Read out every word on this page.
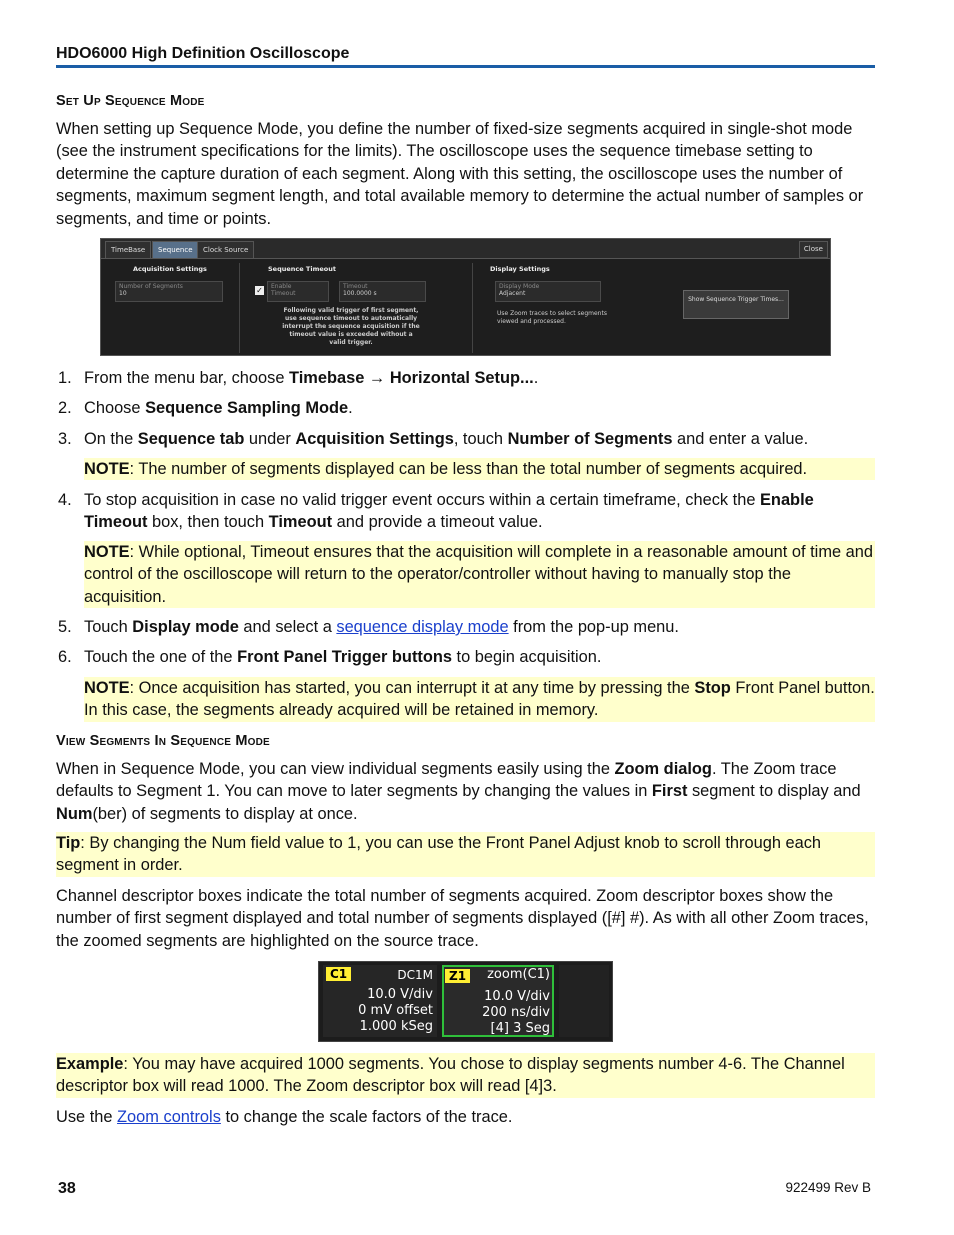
HDO6000 High Definition Oscilloscope
Set Up Sequence Mode
When setting up Sequence Mode, you define the number of fixed-size segments acquired in single-shot mode (see the instrument specifications for the limits). The oscilloscope uses the sequence timebase setting to determine the capture duration of each segment. Along with this setting, the oscilloscope uses the number of segments, maximum segment length, and total available memory to determine the actual number of samples or segments, and time or points.
TimeBase	Sequence	Clock Source	Close
Acquisition Settings
Number of Segments
10
Sequence Timeout
✓ Enable
Timeout
Timeout
100.0000 s
Following valid trigger of first segment, use sequence timeout to automatically interrupt the sequence acquisition if the timeout value is exceeded without a valid trigger.
Display Settings
Display Mode
Adjacent
Use Zoom traces to select segments viewed and processed.
Show Sequence Trigger Times...
1. From the menu bar, choose Timebase → Horizontal Setup....
2. Choose Sequence Sampling Mode.
3. On the Sequence tab under Acquisition Settings, touch Number of Segments and enter a value.
NOTE: The number of segments displayed can be less than the total number of segments acquired.
4. To stop acquisition in case no valid trigger event occurs within a certain timeframe, check the Enable Timeout box, then touch Timeout and provide a timeout value.
NOTE: While optional, Timeout ensures that the acquisition will complete in a reasonable amount of time and control of the oscilloscope will return to the operator/controller without having to manually stop the acquisition.
5. Touch Display mode and select a sequence display mode from the pop-up menu.
6. Touch the one of the Front Panel Trigger buttons to begin acquisition.
NOTE: Once acquisition has started, you can interrupt it at any time by pressing the Stop Front Panel button. In this case, the segments already acquired will be retained in memory.
View Segments In Sequence Mode
When in Sequence Mode, you can view individual segments easily using the Zoom dialog. The Zoom trace defaults to Segment 1. You can move to later segments by changing the values in First segment to display and Num(ber) of segments to display at once.
Tip: By changing the Num field value to 1, you can use the Front Panel Adjust knob to scroll through each segment in order.
Channel descriptor boxes indicate the total number of segments acquired. Zoom descriptor boxes show the number of first segment displayed and total number of segments displayed ([#] #). As with all other Zoom traces, the zoomed segments are highlighted on the source trace.
C1	DC1M
10.0 V/div
0 mV offset
1.000 kSeg
Z1	zoom(C1)
10.0 V/div
200 ns/div
[4] 3 Seg
Example: You may have acquired 1000 segments. You chose to display segments number 4-6. The Channel descriptor box will read 1000. The Zoom descriptor box will read [4]3.
Use the Zoom controls to change the scale factors of the trace.
38	922499 Rev B
